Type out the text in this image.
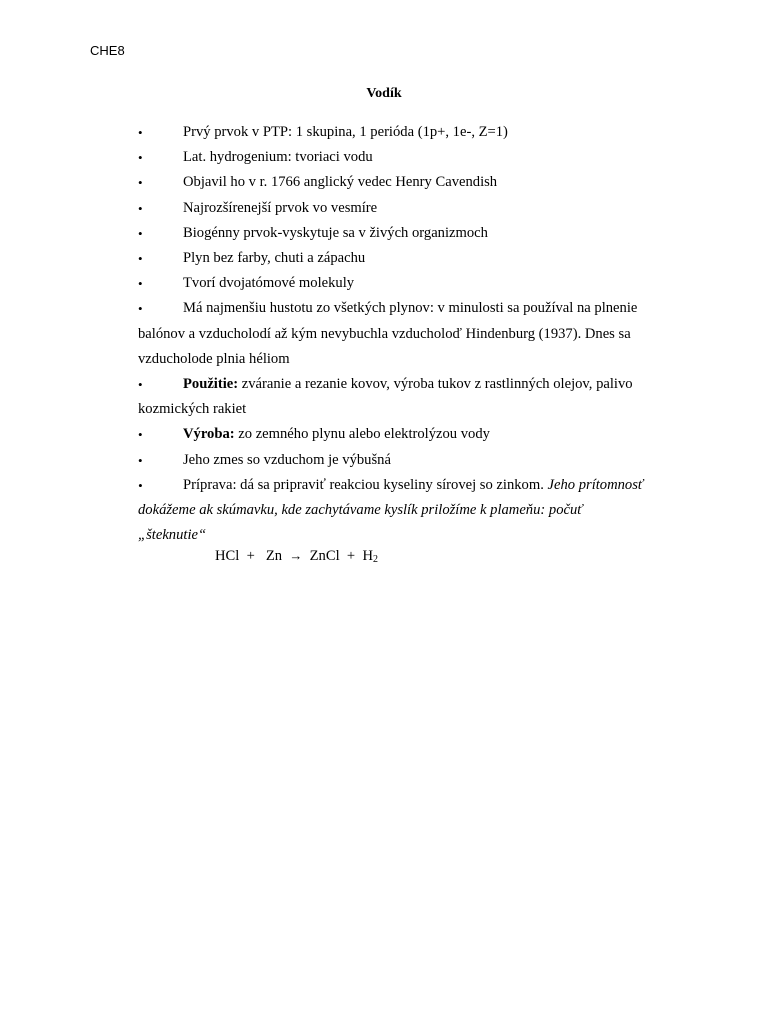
CHE8
Vodík
•	Prvý prvok v PTP: 1 skupina, 1 perióda (1p+, 1e-, Z=1)
•	Lat. hydrogenium: tvoriaci vodu
•	Objavil ho v r. 1766 anglický vedec Henry Cavendish
•	Najrozšírenejší prvok vo vesmíre
•	Biogénny prvok-vyskytuje sa v živých organizmoch
•	Plyn bez farby, chuti a zápachu
•	Tvorí dvojatómové molekuly
•	Má najmenšiu hustotu zo všetkých plynov: v minulosti sa používal na plnenie
balónov a vzducholodí až kým nevybuchla vzducholoď Hindenburg (1937). Dnes sa
vzducholode plnia héliom
•	Použitie: zváranie a rezanie kovov, výroba tukov z rastlinných olejov, palivo
kozmických rakiet
•	Výroba: zo zemného plynu alebo elektrolýzou vody
•	Jeho zmes so vzduchom je výbušná
•	Príprava: dá sa pripraviť reakciou kyseliny sírovej so zinkom. Jeho prítomnosť
dokážeme ak skúmavku, kde zachytávame kyslík priložíme k plameňu: počuť
„šteknutie“
HCl + Zn → ZnCl + $H_2$
